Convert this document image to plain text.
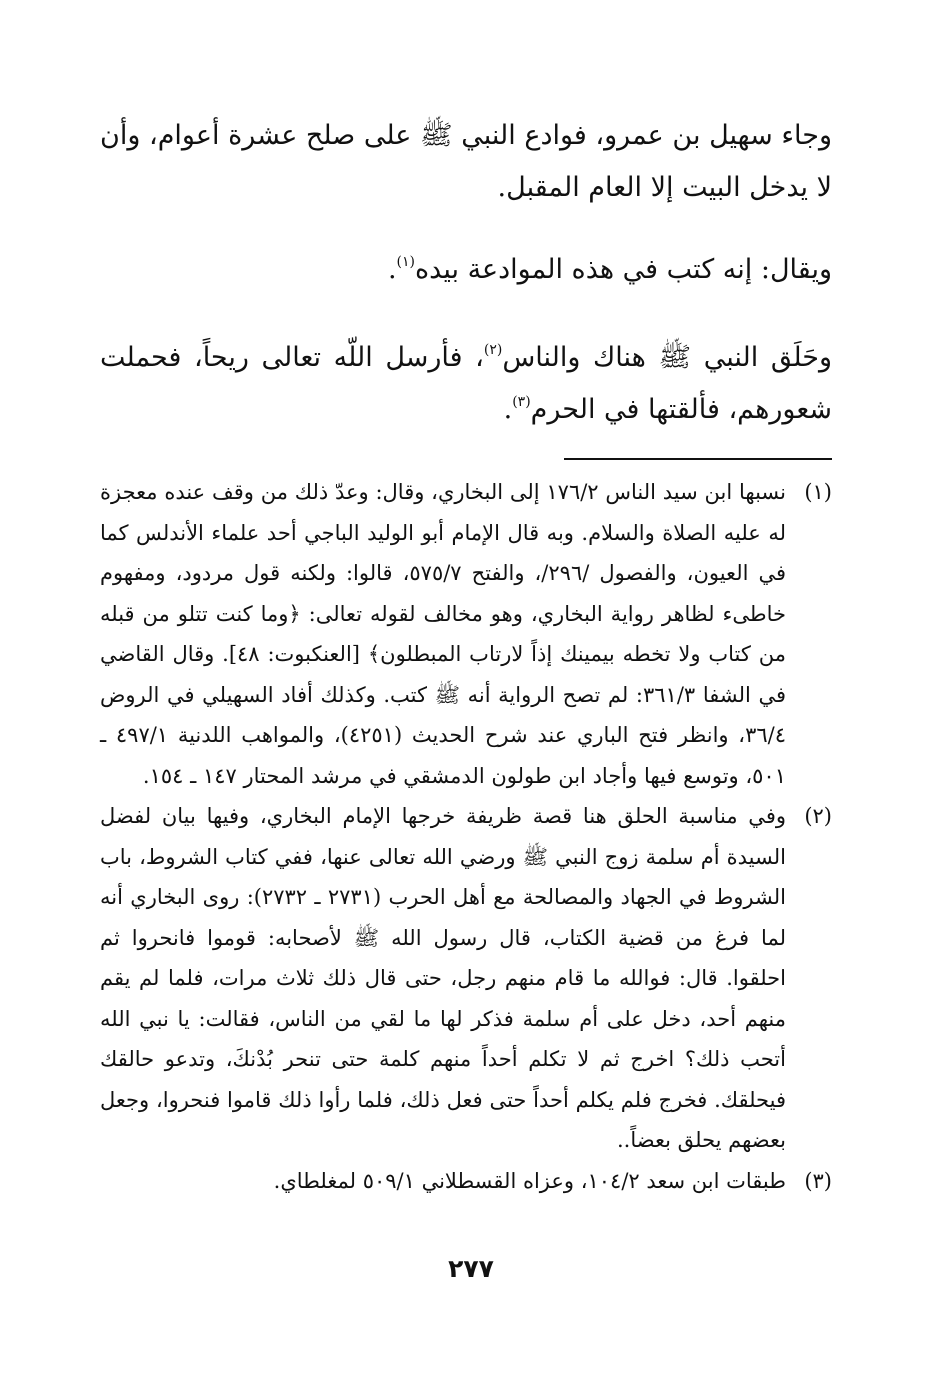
وجاء سهيل بن عمرو، فوادع النبي ﷺ على صلح عشرة أعوام، وأن لا يدخل البيت إلا العام المقبل.

ويقال: إنه كتب في هذه الموادعة بيده$^{(١)}$.

وحَلَق النبي ﷺ هناك والناس$^{(٢)}$، فأرسل اللّه تعالى ريحاً، فحملت شعورهم، فألقتها في الحرم$^{(٣)}$.

(١)
نسبها ابن سيد الناس ١٧٦/٢ إلى البخاري، وقال: وعدّ ذلك من وقف عنده معجزة له عليه الصلاة والسلام. وبه قال الإمام أبو الوليد الباجي أحد علماء الأندلس كما في العيون، والفصول /٢٩٦/، والفتح ٥٧٥/٧، قالوا: ولكنه قول مردود، ومفهوم خاطىء لظاهر رواية البخاري، وهو مخالف لقوله تعالى: ﴿وما كنت تتلو من قبله من كتاب ولا تخطه بيمينك إذاً لارتاب المبطلون﴾ [العنكبوت: ٤٨]. وقال القاضي في الشفا ٣٦١/٣: لم تصح الرواية أنه ﷺ كتب. وكذلك أفاد السهيلي في الروض ٣٦/٤، وانظر فتح الباري عند شرح الحديث (٤٢٥١)، والمواهب اللدنية ٤٩٧/١ ـ ٥٠١، وتوسع فيها وأجاد ابن طولون الدمشقي في مرشد المحتار ١٤٧ ـ ١٥٤.
(٢)
وفي مناسبة الحلق هنا قصة ظريفة خرجها الإمام البخاري، وفيها بيان لفضل السيدة أم سلمة زوج النبي ﷺ ورضي الله تعالى عنها، ففي كتاب الشروط، باب الشروط في الجهاد والمصالحة مع أهل الحرب (٢٧٣١ ـ ٢٧٣٢): روى البخاري أنه لما فرغ من قضية الكتاب، قال رسول الله ﷺ لأصحابه: قوموا فانحروا ثم احلقوا. قال: فوالله ما قام منهم رجل، حتى قال ذلك ثلاث مرات، فلما لم يقم منهم أحد، دخل على أم سلمة فذكر لها ما لقي من الناس، فقالت: يا نبي الله أتحب ذلك؟ اخرج ثم لا تكلم أحداً منهم كلمة حتى تنحر بُدْنكَ، وتدعو حالقك فيحلقك. فخرج فلم يكلم أحداً حتى فعل ذلك، فلما رأوا ذلك قاموا فنحروا، وجعل بعضهم يحلق بعضاً..
(٣)
طبقات ابن سعد ١٠٤/٢، وعزاه القسطلاني ٥٠٩/١ لمغلطاي.
٢٧٧
